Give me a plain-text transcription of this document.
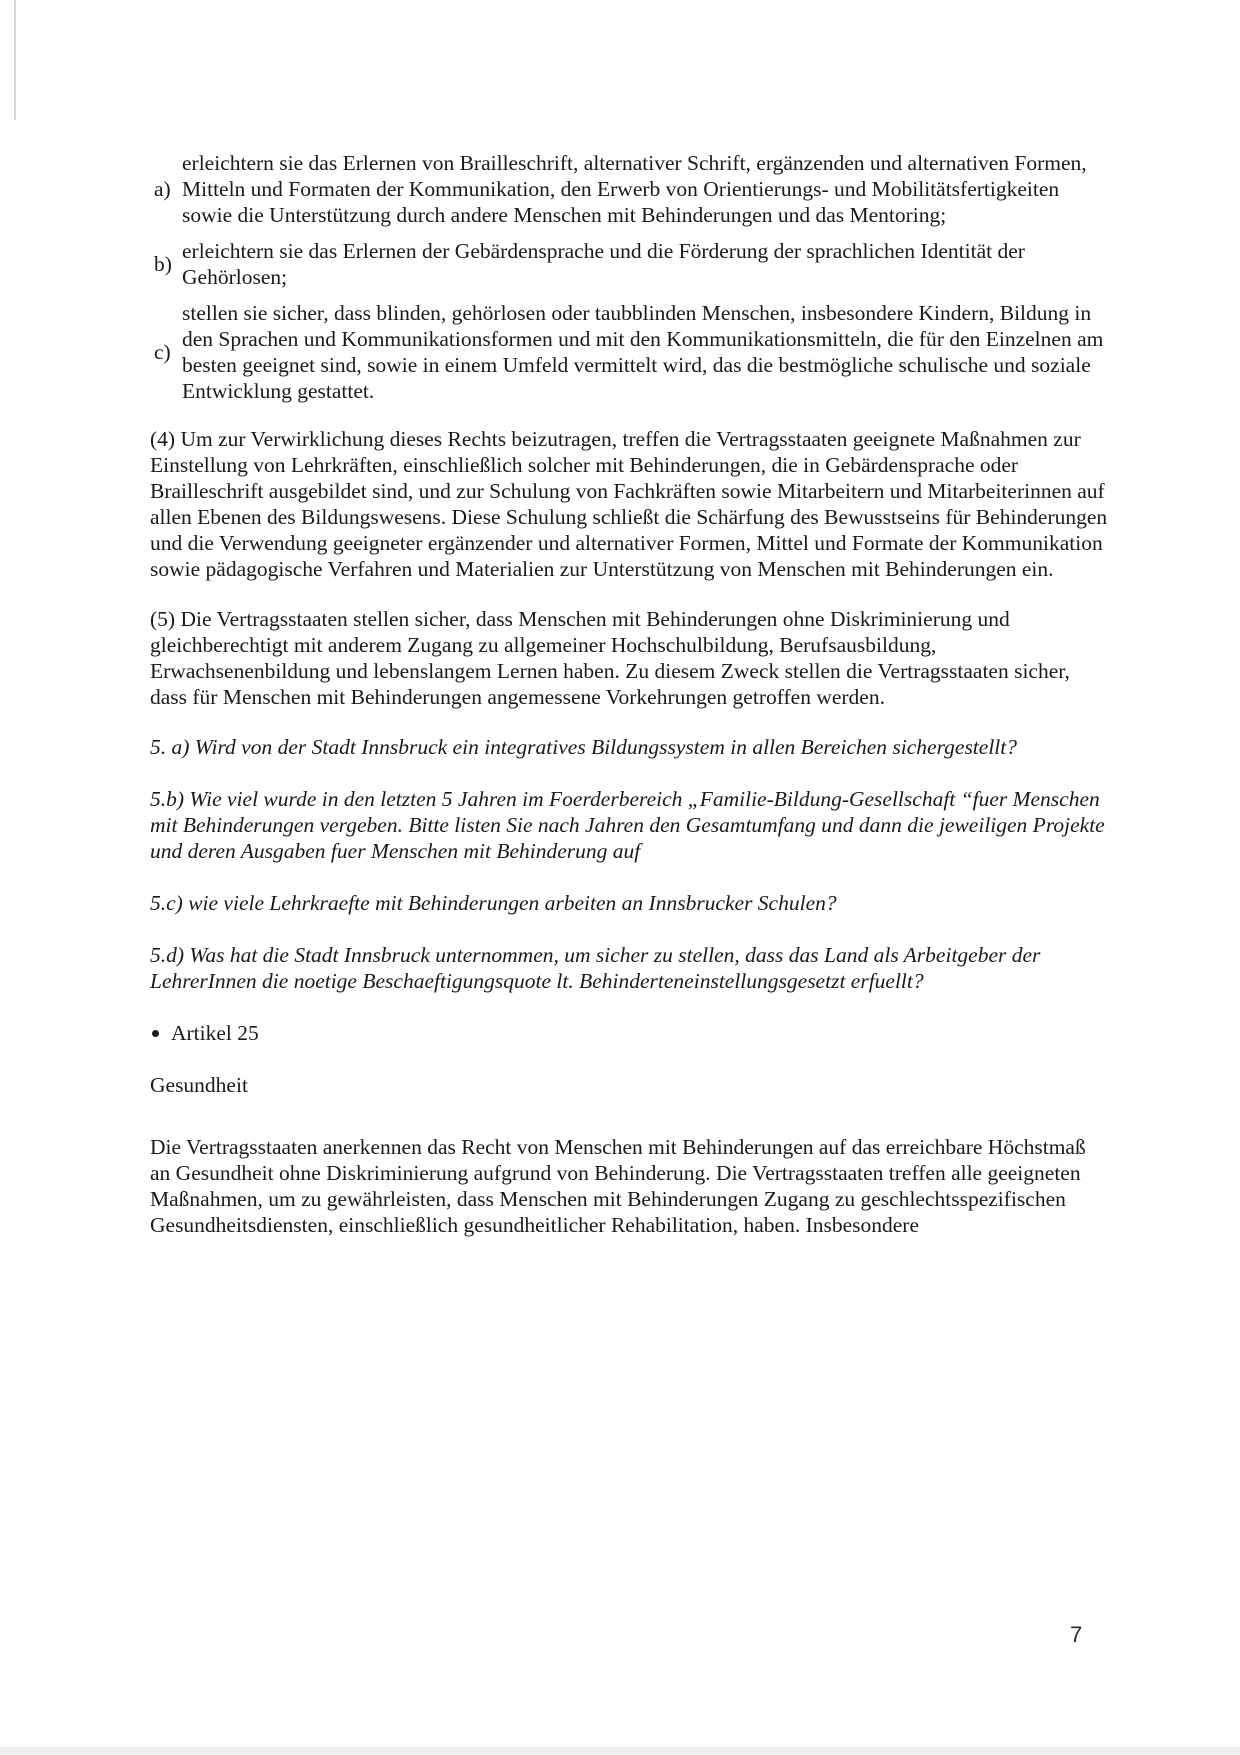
a)
erleichtern sie das Erlernen von Brailleschrift, alternativer Schrift, ergänzenden und alternativen Formen, Mitteln und Formaten der Kommunikation, den Erwerb von Orientierungs- und Mobilitätsfertigkeiten sowie die Unterstützung durch andere Menschen mit Behinderungen und das Mentoring;
b)
erleichtern sie das Erlernen der Gebärdensprache und die Förderung der sprachlichen Identität der Gehörlosen;
c)
stellen sie sicher, dass blinden, gehörlosen oder taubblinden Menschen, insbesondere Kindern, Bildung in den Sprachen und Kommunikationsformen und mit den Kommunikationsmitteln, die für den Einzelnen am besten geeignet sind, sowie in einem Umfeld vermittelt wird, das die bestmögliche schulische und soziale Entwicklung gestattet.

(4) Um zur Verwirklichung dieses Rechts beizutragen, treffen die Vertragsstaaten geeignete Maßnahmen zur Einstellung von Lehrkräften, einschließlich solcher mit Behinderungen, die in Gebärdensprache oder Brailleschrift ausgebildet sind, und zur Schulung von Fachkräften sowie Mitarbeitern und Mitarbeiterinnen auf allen Ebenen des Bildungswesens. Diese Schulung schließt die Schärfung des Bewusstseins für Behinderungen und die Verwendung geeigneter ergänzender und alternativer Formen, Mittel und Formate der Kommunikation sowie pädagogische Verfahren und Materialien zur Unterstützung von Menschen mit Behinderungen ein.

(5) Die Vertragsstaaten stellen sicher, dass Menschen mit Behinderungen ohne Diskriminierung und gleichberechtigt mit anderem Zugang zu allgemeiner Hochschulbildung, Berufsausbildung, Erwachsenenbildung und lebenslangem Lernen haben. Zu diesem Zweck stellen die Vertragsstaaten sicher, dass für Menschen mit Behinderungen angemessene Vorkehrungen getroffen werden.

5. a) Wird von der Stadt Innsbruck ein integratives Bildungssystem in allen Bereichen sichergestellt?

5.b) Wie viel wurde in den letzten 5 Jahren im Foerderbereich „Familie-Bildung-Gesellschaft “fuer Menschen mit Behinderungen vergeben. Bitte listen Sie nach Jahren den Gesamtumfang und dann die jeweiligen Projekte und deren Ausgaben fuer Menschen mit Behinderung auf

5.c) wie viele Lehrkraefte mit Behinderungen arbeiten an Innsbrucker Schulen?

5.d) Was hat die Stadt Innsbruck unternommen, um sicher zu stellen, dass das Land als Arbeitgeber der LehrerInnen die noetige Beschaeftigungsquote lt. Behinderteneinstellungsgesetzt erfuellt?

Artikel 25
Gesundheit

Die Vertragsstaaten anerkennen das Recht von Menschen mit Behinderungen auf das erreichbare Höchstmaß an Gesundheit ohne Diskriminierung aufgrund von Behinderung. Die Vertragsstaaten treffen alle geeigneten Maßnahmen, um zu gewährleisten, dass Menschen mit Behinderungen Zugang zu geschlechtsspezifischen Gesundheitsdiensten, einschließlich gesundheitlicher Rehabilitation, haben. Insbesondere

7
